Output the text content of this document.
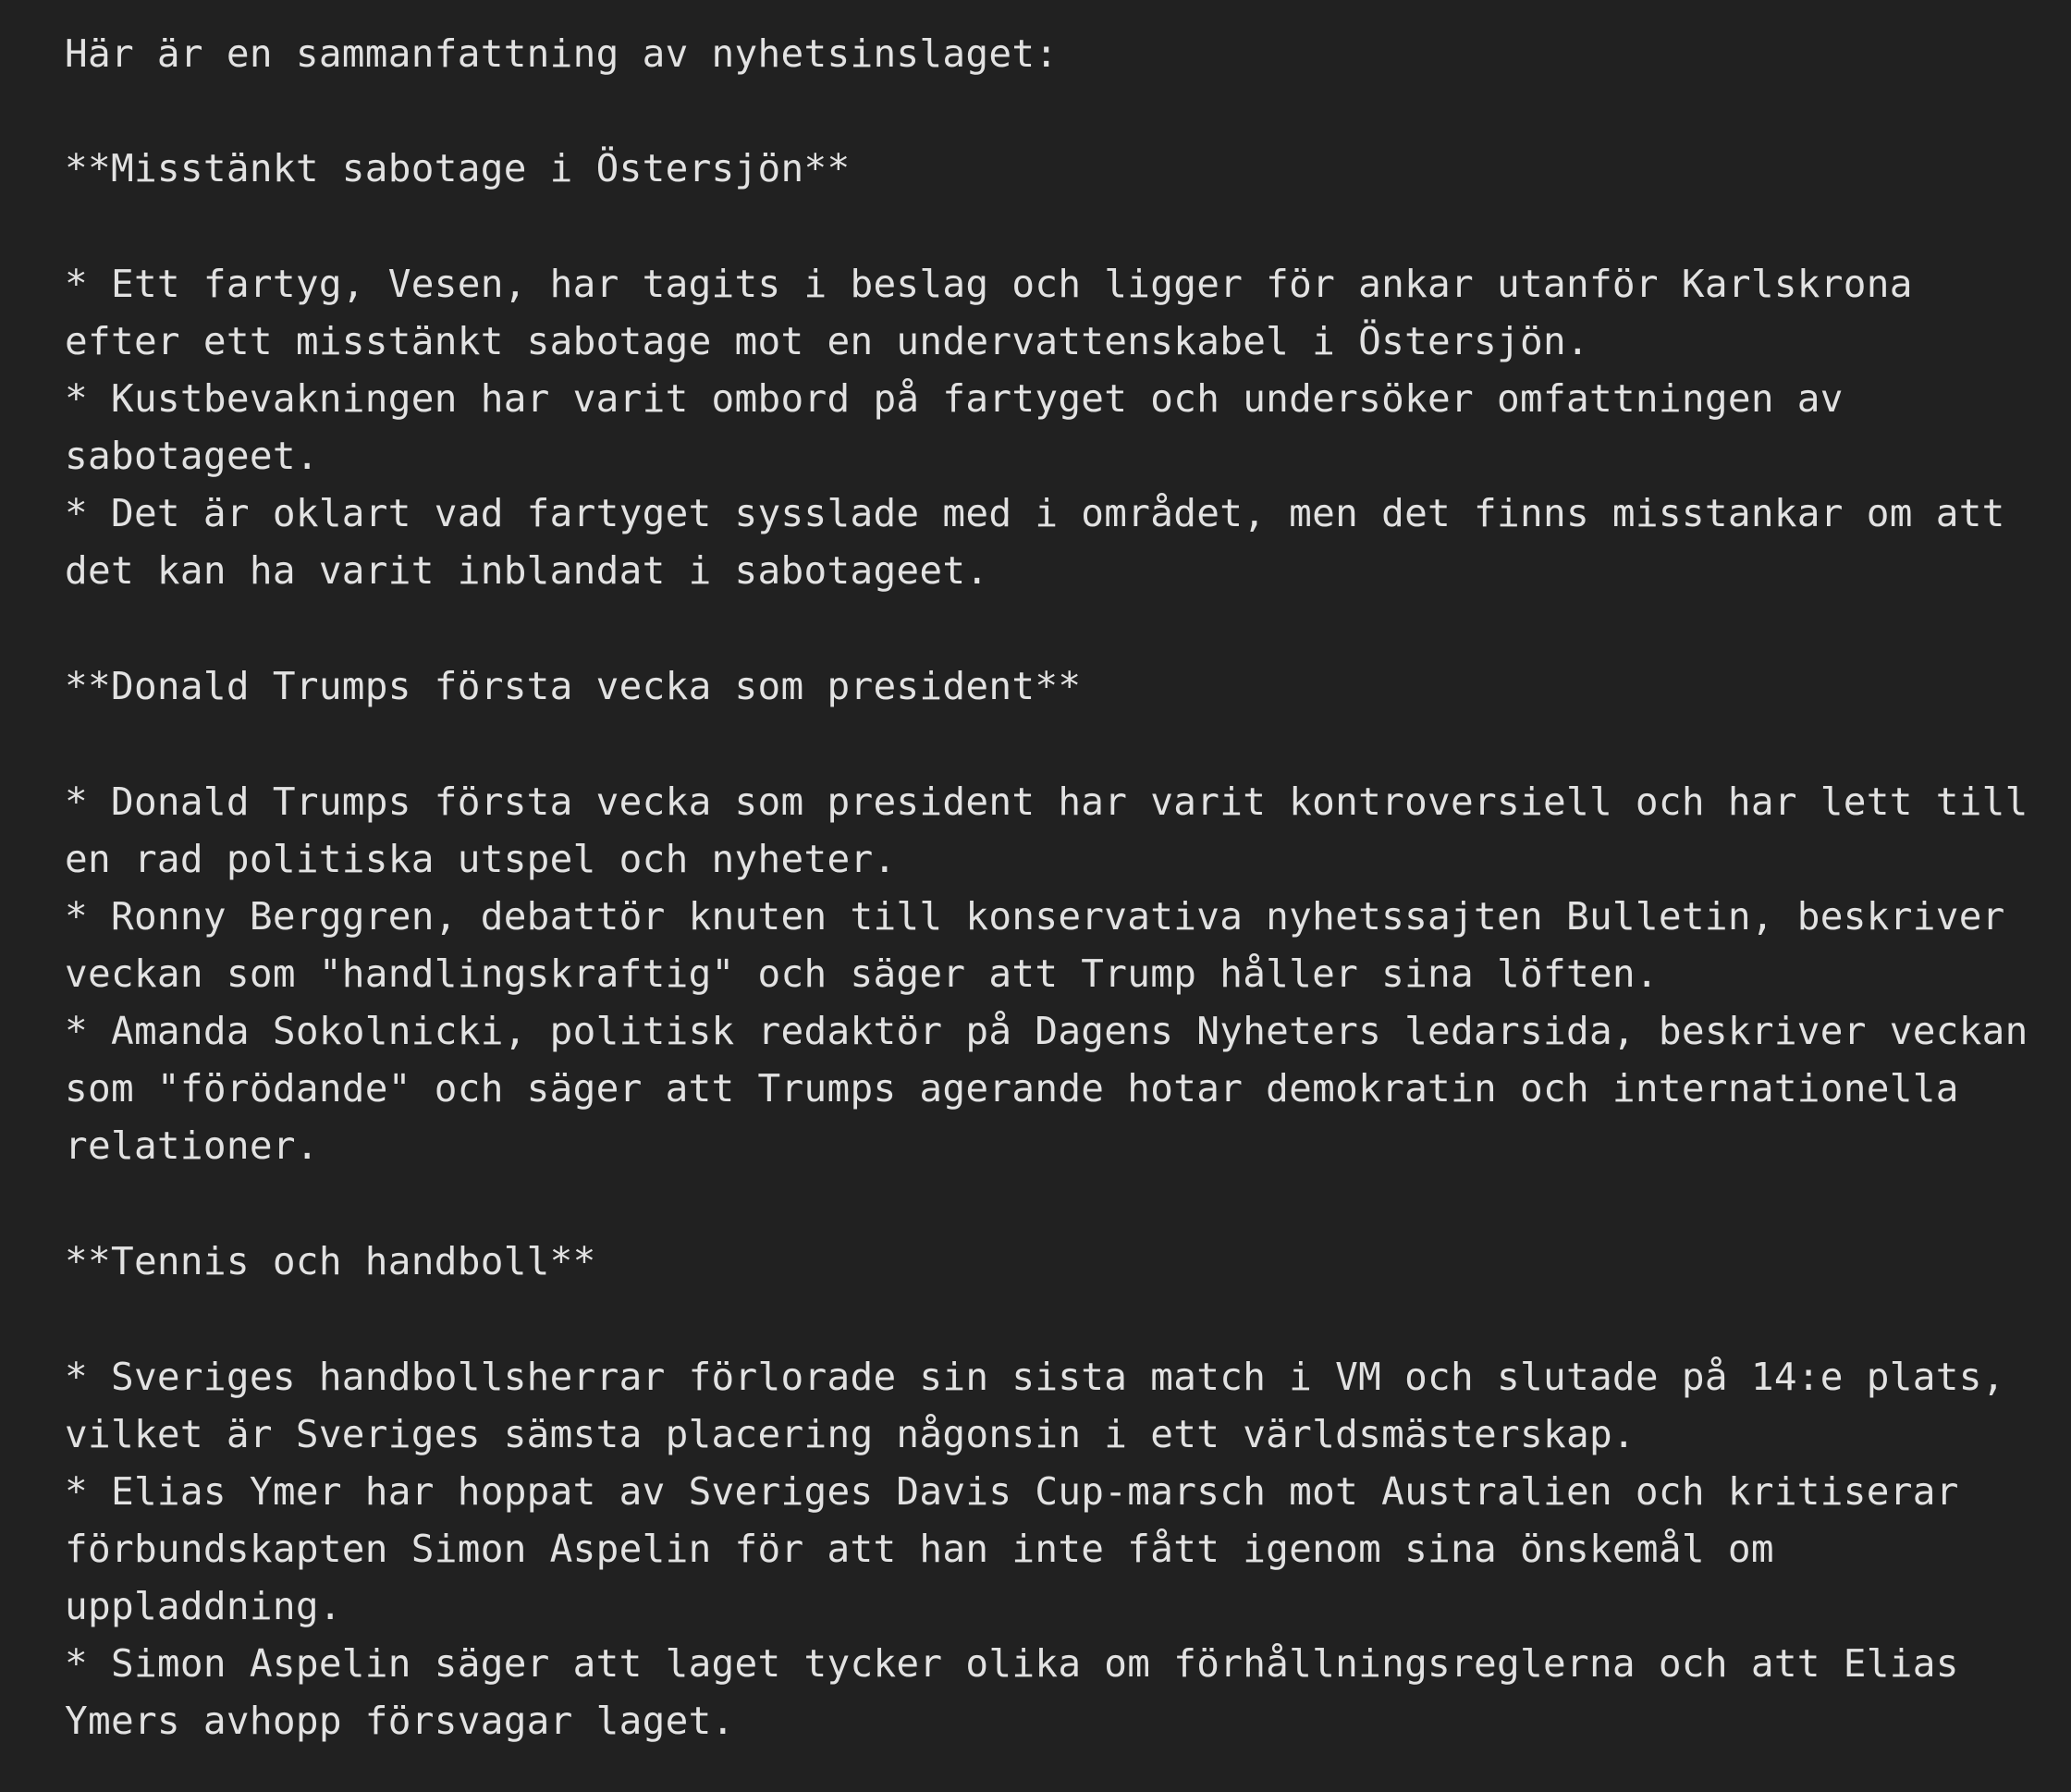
Här är en sammanfattning av nyhetsinslaget:
**Misstänkt sabotage i Östersjön**
* Ett fartyg, Vesen, har tagits i beslag och ligger för ankar utanför Karlskrona
efter ett misstänkt sabotage mot en undervattenskabel i Östersjön.
* Kustbevakningen har varit ombord på fartyget och undersöker omfattningen av
sabotageet.
* Det är oklart vad fartyget sysslade med i området, men det finns misstankar om att
det kan ha varit inblandat i sabotageet.
**Donald Trumps första vecka som president**
* Donald Trumps första vecka som president har varit kontroversiell och har lett till
en rad politiska utspel och nyheter.
* Ronny Berggren, debattör knuten till konservativa nyhetssajten Bulletin, beskriver
veckan som "handlingskraftig" och säger att Trump håller sina löften.
* Amanda Sokolnicki, politisk redaktör på Dagens Nyheters ledarsida, beskriver veckan
som "förödande" och säger att Trumps agerande hotar demokratin och internationella
relationer.
**Tennis och handboll**
* Sveriges handbollsherrar förlorade sin sista match i VM och slutade på 14:e plats,
vilket är Sveriges sämsta placering någonsin i ett världsmästerskap.
* Elias Ymer har hoppat av Sveriges Davis Cup-marsch mot Australien och kritiserar
förbundskapten Simon Aspelin för att han inte fått igenom sina önskemål om
uppladdning.
* Simon Aspelin säger att laget tycker olika om förhållningsreglerna och att Elias
Ymers avhopp försvagar laget.
